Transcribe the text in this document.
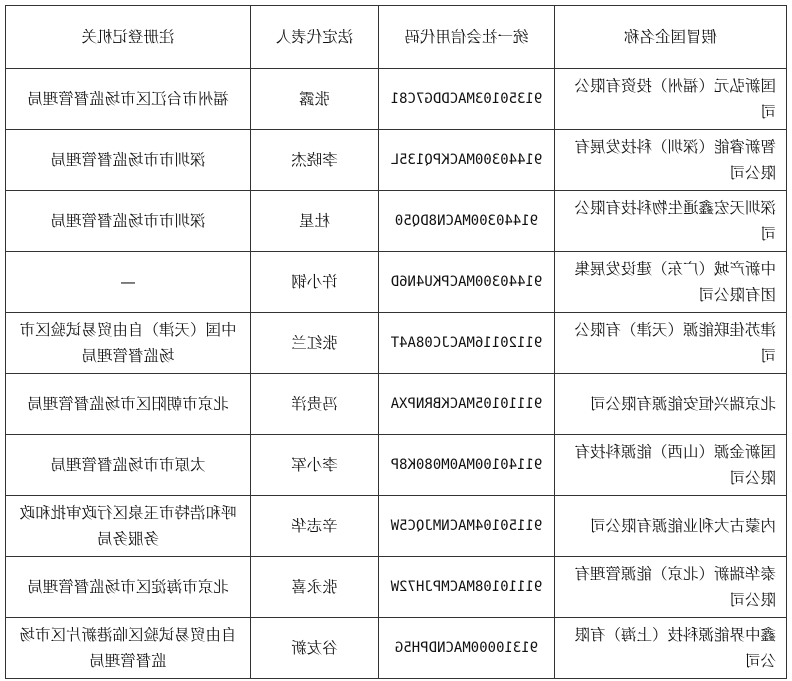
注册登记机关	法定代表人	统一社会信用代码	假冒国企名称

福州市台江区市场监督管理局	张露	91350103MACDDG7C81	国新弘元（福州）投资有限公司

深圳市市场监督管理局	李晓杰	91440300MACKPQ135L	智新睿能（深圳）科技发展有限公司

深圳市市场监督管理局	杜星	91440300MACN8DQ50	深圳天宏鑫通生物科技有限公司

—	许小钢	91440300MACPKU4N6D	中新产城（广东）建设发展集团有限公司

中国（天津）自由贸易试验区市场监督管理局	张红兰	91120116MACJC08A4T	津苏佳联能源（天津）有限公司

北京市朝阳区市场监督管理局	冯贵洋	91110105MACKBRNPXA	北京瑞兴恒安能源有限公司

太原市市场监督管理局	李小军	91140100MA0M080K8P	国新金源（山西）能源科技有限公司

呼和浩特市玉泉区行政审批和政务服务局	辛志华	91150104MACNMJQC5W	内蒙古大利业能源有限公司

北京市海淀区市场监督管理局	张永喜	91110108MACMPJH72W	泰华瑞新（北京）能源管理有限公司

自由贸易试验区临港新片区市场监督管理局	谷友新	91310000MACNDPH5G	鑫中界能源科技（上海）有限公司
